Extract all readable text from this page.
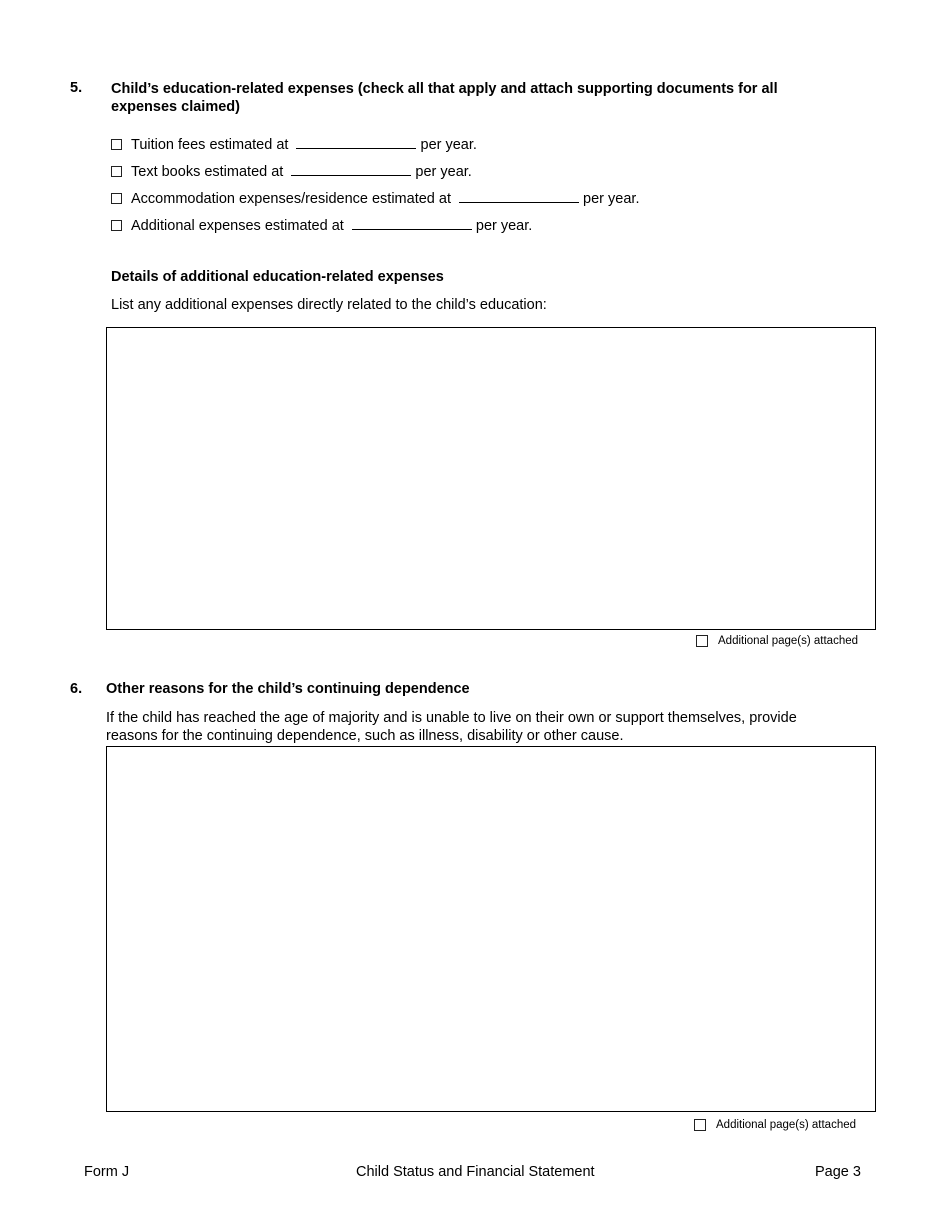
5. Child’s education-related expenses (check all that apply and attach supporting documents for all
expenses claimed)
Tuition fees estimated at	per year.
Text books estimated at	per year.
Accommodation expenses/residence estimated at	per year.
Additional expenses estimated at	per year.
Details of additional education-related expenses
List any additional expenses directly related to the child’s education:
Additional page(s) attached
6. Other reasons for the child’s continuing dependence
If the child has reached the age of majority and is unable to live on their own or support themselves, provide
reasons for the continuing dependence, such as illness, disability or other cause.
Additional page(s) attached
Form J	Child Status and Financial Statement	Page 3
